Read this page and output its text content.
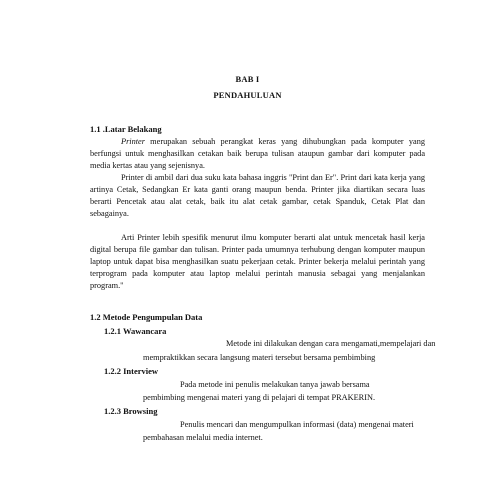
BAB I
PENDAHULUAN
1.1 .Latar Belakang
Printer merupakan sebuah perangkat keras yang dihubungkan pada komputer yang berfungsi untuk menghasilkan cetakan baik berupa tulisan ataupun gambar dari komputer pada media kertas atau yang sejenisnya.
Printer di ambil dari dua suku kata bahasa inggris "Print dan Er". Print dari kata kerja yang artinya Cetak, Sedangkan Er kata ganti orang maupun benda. Printer jika diartikan secara luas berarti Pencetak atau alat cetak, baik itu alat cetak gambar, cetak Spanduk, Cetak Plat dan sebagainya.
Arti Printer lebih spesifik menurut ilmu komputer berarti alat untuk mencetak hasil kerja digital berupa file gambar dan tulisan. Printer pada umumnya terhubung dengan komputer maupun laptop untuk dapat bisa menghasilkan suatu pekerjaan cetak. Printer bekerja melalui perintah yang terprogram pada komputer atau laptop melalui perintah manusia sebagai yang menjalankan program."
1.2 Metode Pengumpulan Data
1.2.1 Wawancara
Metode ini dilakukan dengan cara mengamati,mempelajari dan
mempraktikkan secara langsung materi tersebut bersama pembimbing
1.2.2 Interview
Pada metode ini penulis melakukan tanya jawab bersama
pembimbing mengenai materi yang di pelajari di tempat PRAKERIN.
1.2.3 Browsing
Penulis mencari dan mengumpulkan informasi (data) mengenai materi
pembahasan melalui media internet.
